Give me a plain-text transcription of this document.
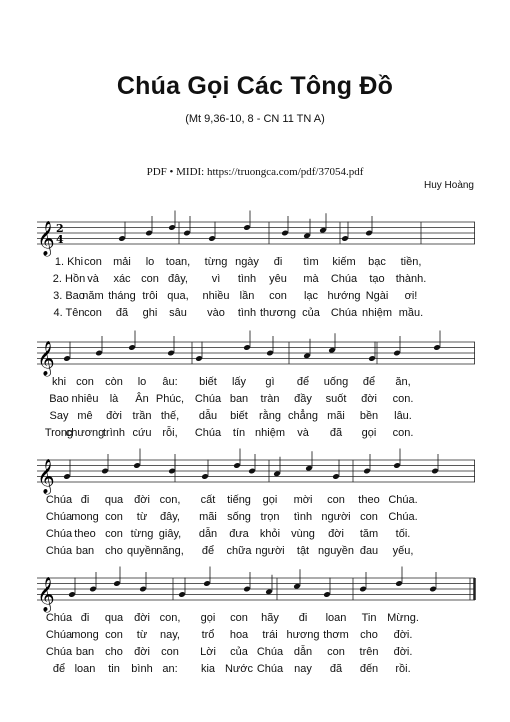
Chúa Gọi Các Tông Đồ
(Mt 9,36-10, 8 - CN 11 TN A)
PDF • MIDI: https://truongca.com/pdf/37054.pdf
Huy Hoàng
𝄞 2
4
1. Khi con mải lo toan, từng ngày đi tìm kiếm bạc tiền,
2. Hồn và xác con đây, vì tình yêu mà Chúa tạo thành.
3. Bao
năm tháng trôi qua, nhiều lần con lạc hướng Ngài ơi!
4. Tên con đã ghi sâu vào tình thương của Chúa nhiệm mầu.
𝄞
khi con còn lo âu: biết lấy gì để uống để ăn,
Bao nhiêu là Ân Phúc, Chúa ban tràn đầy suốt đời con.
Say mê đời trần thế, dẫu biết rằng chẳng mãi bền lâu.
Trong
chương
trình cứu rỗi, Chúa tín nhiệm và đã gọi con.
𝄞
Chúa đi qua đời con, cất tiếng gọi mời con theo Chúa.
Chúa mong con từ đây, mãi sống trọn tình người con Chúa.
Chúa theo con từng giây, dẫn đưa khỏi vùng đời tăm tối.
Chúa ban cho quyền năng, để chữa người tật nguyền đau yếu,
𝄞
Chúa đi qua đời con, gọi con hãy đi loan Tin Mừng.
Chúa mong con từ nay, trổ hoa trái hương thơm cho đời.
Chúa ban cho đời con Lời của Chúa dẫn con trên đời.
để loan tin bình an: kia Nước Chúa nay đã đến rồi.
